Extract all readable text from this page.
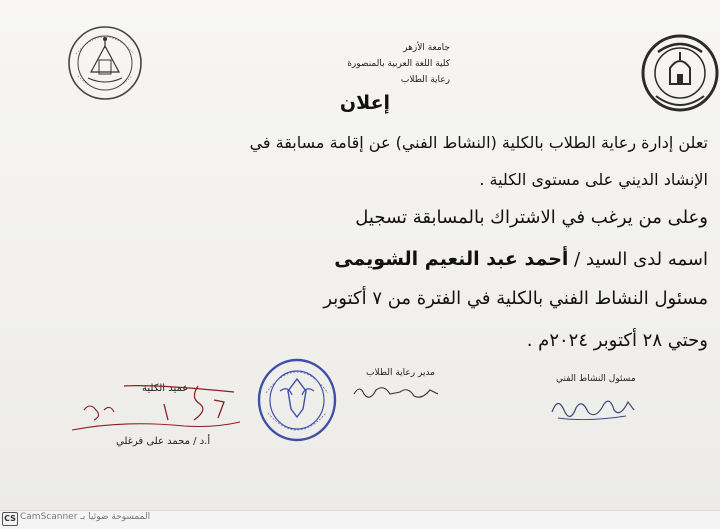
جامعة الأزهر
كلية اللغة العربية بالمنصورة
رعاية الطلاب
إعلان
تعلن إدارة رعاية الطلاب بالكلية (النشاط الفني) عن إقامة مسابقة في
الإنشاد الديني على مستوى الكلية .
وعلى من يرغب في الاشتراك بالمسابقة تسجيل
اسمه لدى السيد / أحمد عبد النعيم الشويمى
مسئول النشاط الفني بالكلية في الفترة من ٧ أكتوبر
وحتي ٢٨ أكتوبر ٢٠٢٤م .
مسئول النشاط الفني
مدير رعاية الطلاب
عميد الكلية
أ.د / محمد على فرغلي
CS الممسوحة ضوئيا بـ CamScanner
